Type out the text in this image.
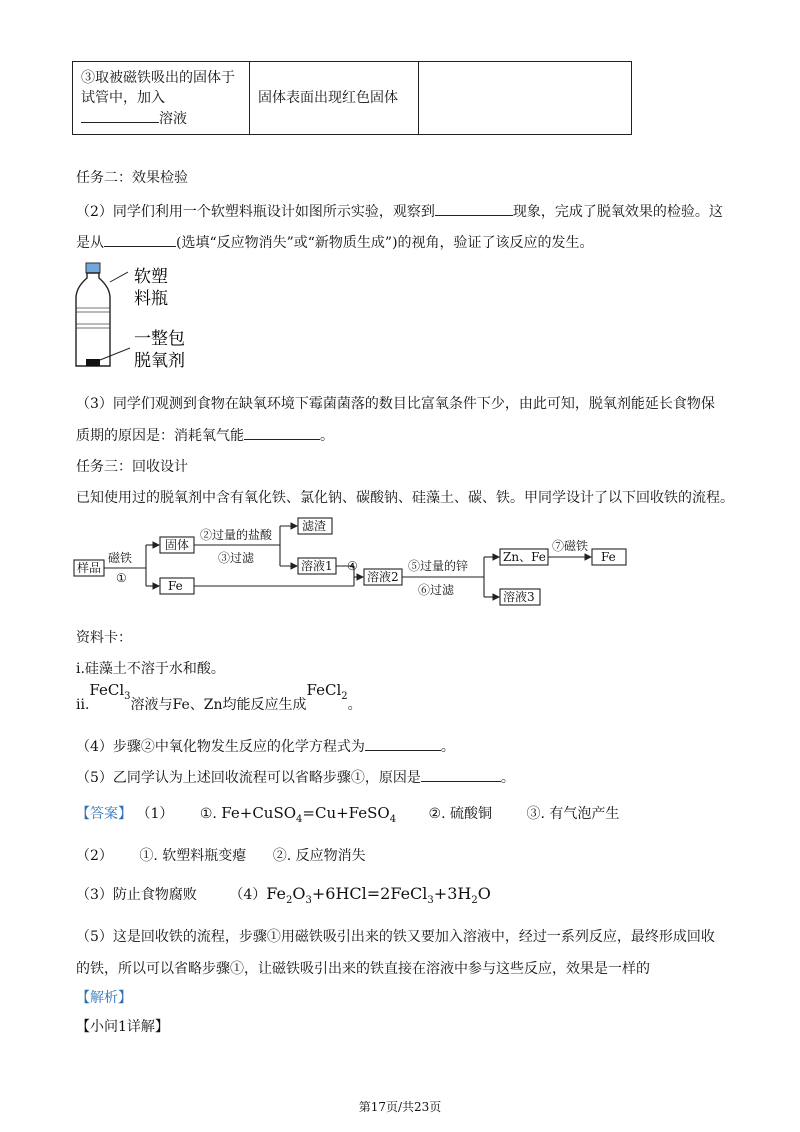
③取被磁铁吸出的固体于
试管中，加入
溶液
	固体表面出现红色固体	
任务二：效果检验
（2）同学们利用一个软塑料瓶设计如图所示实验，观察到	现象，完成了脱氧效果的检验。这
是从	(选填“反应物消失”或“新物质生成”)的视角，验证了该反应的发生。
软塑
料瓶
一整包
脱氧剂
（3）同学们观测到食物在缺氧环境下霉菌菌落的数目比富氧条件下少，由此可知，脱氧剂能延长食物保
质期的原因是：消耗氧气能	。
任务三：回收设计
已知使用过的脱氧剂中含有氧化铁、氯化钠、碳酸钠、硅藻土、碳、铁。甲同学设计了以下回收铁的流程。
样品
磁铁
①
固体
Fe
②过量的盐酸
③过滤
滤渣
溶液1 ④
溶液2
⑤过量的锌
⑥过滤
Zn、Fe
⑦磁铁
Fe
溶液3
资料卡：
i.硅藻土不溶于水和酸。
ii.FeCl$_3$溶液与Fe、Zn均能反应生成FeCl$_2$。
（4）步骤②中氧化物发生反应的化学方程式为	。
（5）乙同学认为上述回收流程可以省略步骤①，原因是	。
【答案】 （1） ①. Fe+CuSO$_4$=Cu+FeSO$_4$ ②. 硫酸铜 ③. 有气泡产生
（2） ①. 软塑料瓶变瘪 ②. 反应物消失
（3）防止食物腐败 $(4)Fe_2O_3+6HCl=2FeCl_3+3H_2O$
（5）这是回收铁的流程，步骤①用磁铁吸引出来的铁又要加入溶液中，经过一系列反应，最终形成回收
的铁，所以可以省略步骤①，让磁铁吸引出来的铁直接在溶液中参与这些反应，效果是一样的
【解析】
【小问1详解】
第17页/共23页
